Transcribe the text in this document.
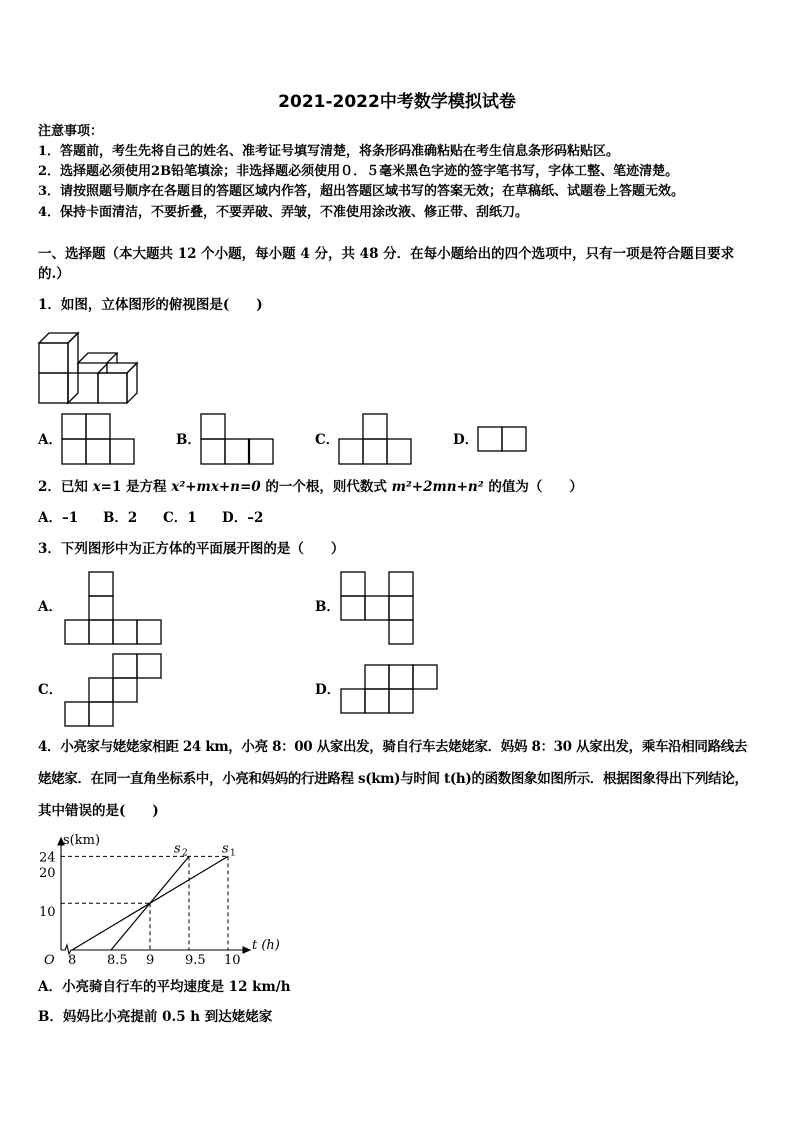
2021-2022中考数学模拟试卷
注意事项：
1．答题前，考生先将自己的姓名、准考证号填写清楚，将条形码准确粘贴在考生信息条形码粘贴区。
2．选择题必须使用2B铅笔填涂；非选择题必须使用０．５毫米黑色字迹的签字笔书写，字体工整、笔迹清楚。
3．请按照题号顺序在各题目的答题区域内作答，超出答题区域书写的答案无效；在草稿纸、试题卷上答题无效。
4．保持卡面清洁，不要折叠，不要弄破、弄皱，不准使用涂改液、修正带、刮纸刀。
一、选择题（本大题共 12 个小题，每小题 4 分，共 48 分．在每小题给出的四个选项中，只有一项是符合题目要求
的.）
1．如图，立体图形的俯视图是(　　)
A．	B．	C．	D．
2．已知 x=1 是方程 x²+mx+n=0 的一个根，则代数式 m²+2mn+n² 的值为（　　）
A．–1 B．2 C．1 D．–2
3．下列图形中为正方体的平面展开图的是（　　）
A．	B．
C．	D．
4．小亮家与姥姥家相距 24 km，小亮 8：00 从家出发，骑自行车去姥姥家．妈妈 8：30 从家出发，乘车沿相同路线去
姥姥家．在同一直角坐标系中，小亮和妈妈的行进路程 s(km)与时间 t(h)的函数图象如图所示．根据图象得出下列结论，
其中错误的是(　　)
24
20
10
8 8.5 9 9.5 10
O
s(km)
t (h)
s 2	s 1
A．小亮骑自行车的平均速度是 12 km/h
B．妈妈比小亮提前 0.5 h 到达姥姥家
